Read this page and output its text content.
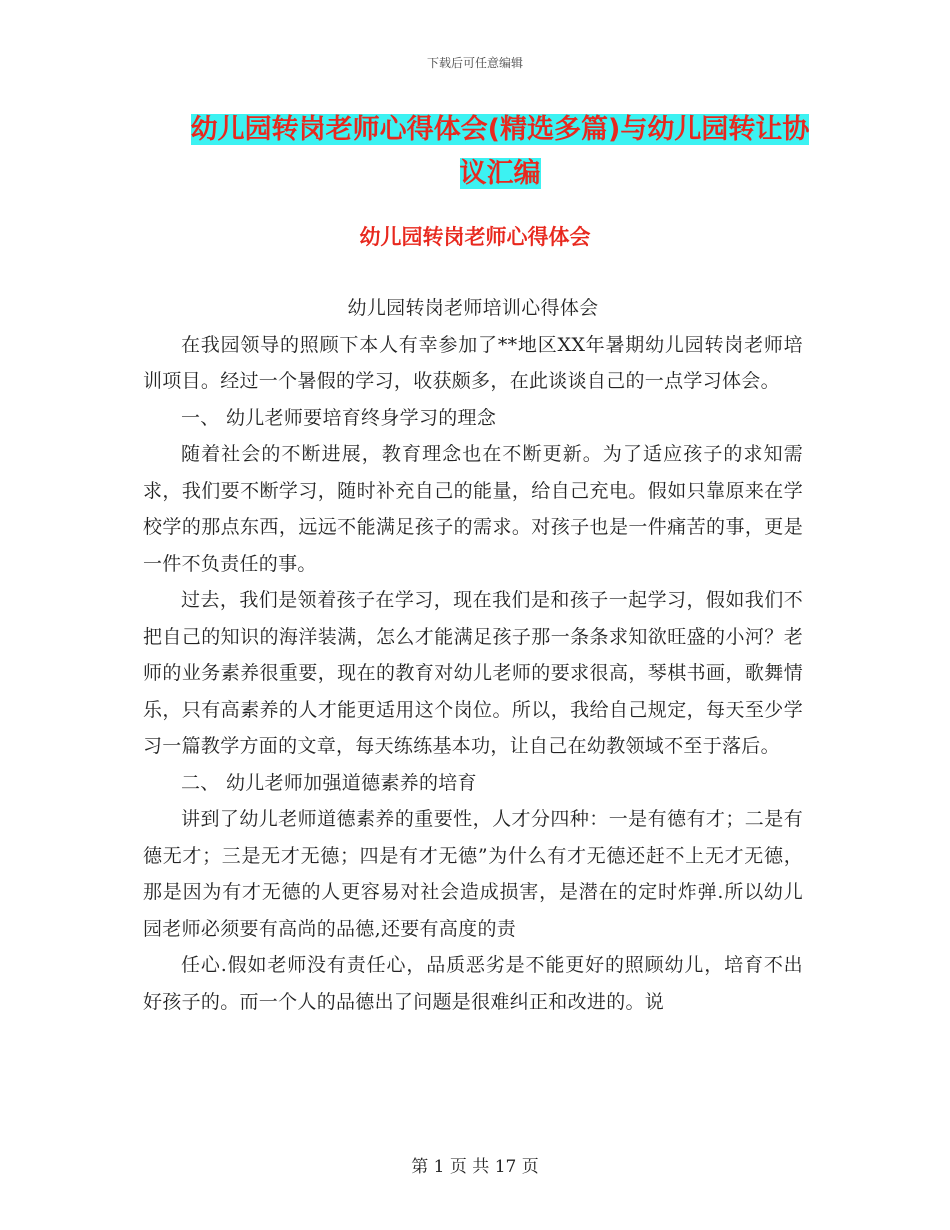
下载后可任意编辑
幼儿园转岗老师心得体会(精选多篇)与幼儿园转让协
议汇编
幼儿园转岗老师心得体会

幼儿园转岗老师培训心得体会

在我园领导的照顾下本人有幸参加了**地区XX年暑期幼儿园转岗老师培训项目。经过一个暑假的学习，收获颇多，在此谈谈自己的一点学习体会。

一、 幼儿老师要培育终身学习的理念

随着社会的不断进展，教育理念也在不断更新。为了适应孩子的求知需求，我们要不断学习，随时补充自己的能量，给自己充电。假如只靠原来在学校学的那点东西，远远不能满足孩子的需求。对孩子也是一件痛苦的事，更是一件不负责任的事。

过去，我们是领着孩子在学习，现在我们是和孩子一起学习，假如我们不把自己的知识的海洋装满，怎么才能满足孩子那一条条求知欲旺盛的小河？老师的业务素养很重要，现在的教育对幼儿老师的要求很高，琴棋书画，歌舞情乐，只有高素养的人才能更适用这个岗位。所以，我给自己规定，每天至少学习一篇教学方面的文章，每天练练基本功，让自己在幼教领域不至于落后。

二、 幼儿老师加强道德素养的培育

讲到了幼儿老师道德素养的重要性，人才分四种：一是有德有才；二是有德无才；三是无才无德；四是有才无德”为什么有才无德还赶不上无才无德，那是因为有才无德的人更容易对社会造成损害，是潜在的定时炸弹.所以幼儿园老师必须要有高尚的品德,还要有高度的责

任心.假如老师没有责任心，品质恶劣是不能更好的照顾幼儿，培育不出好孩子的。而一个人的品德出了问题是很难纠正和改进的。说

第 1 页 共 17 页
